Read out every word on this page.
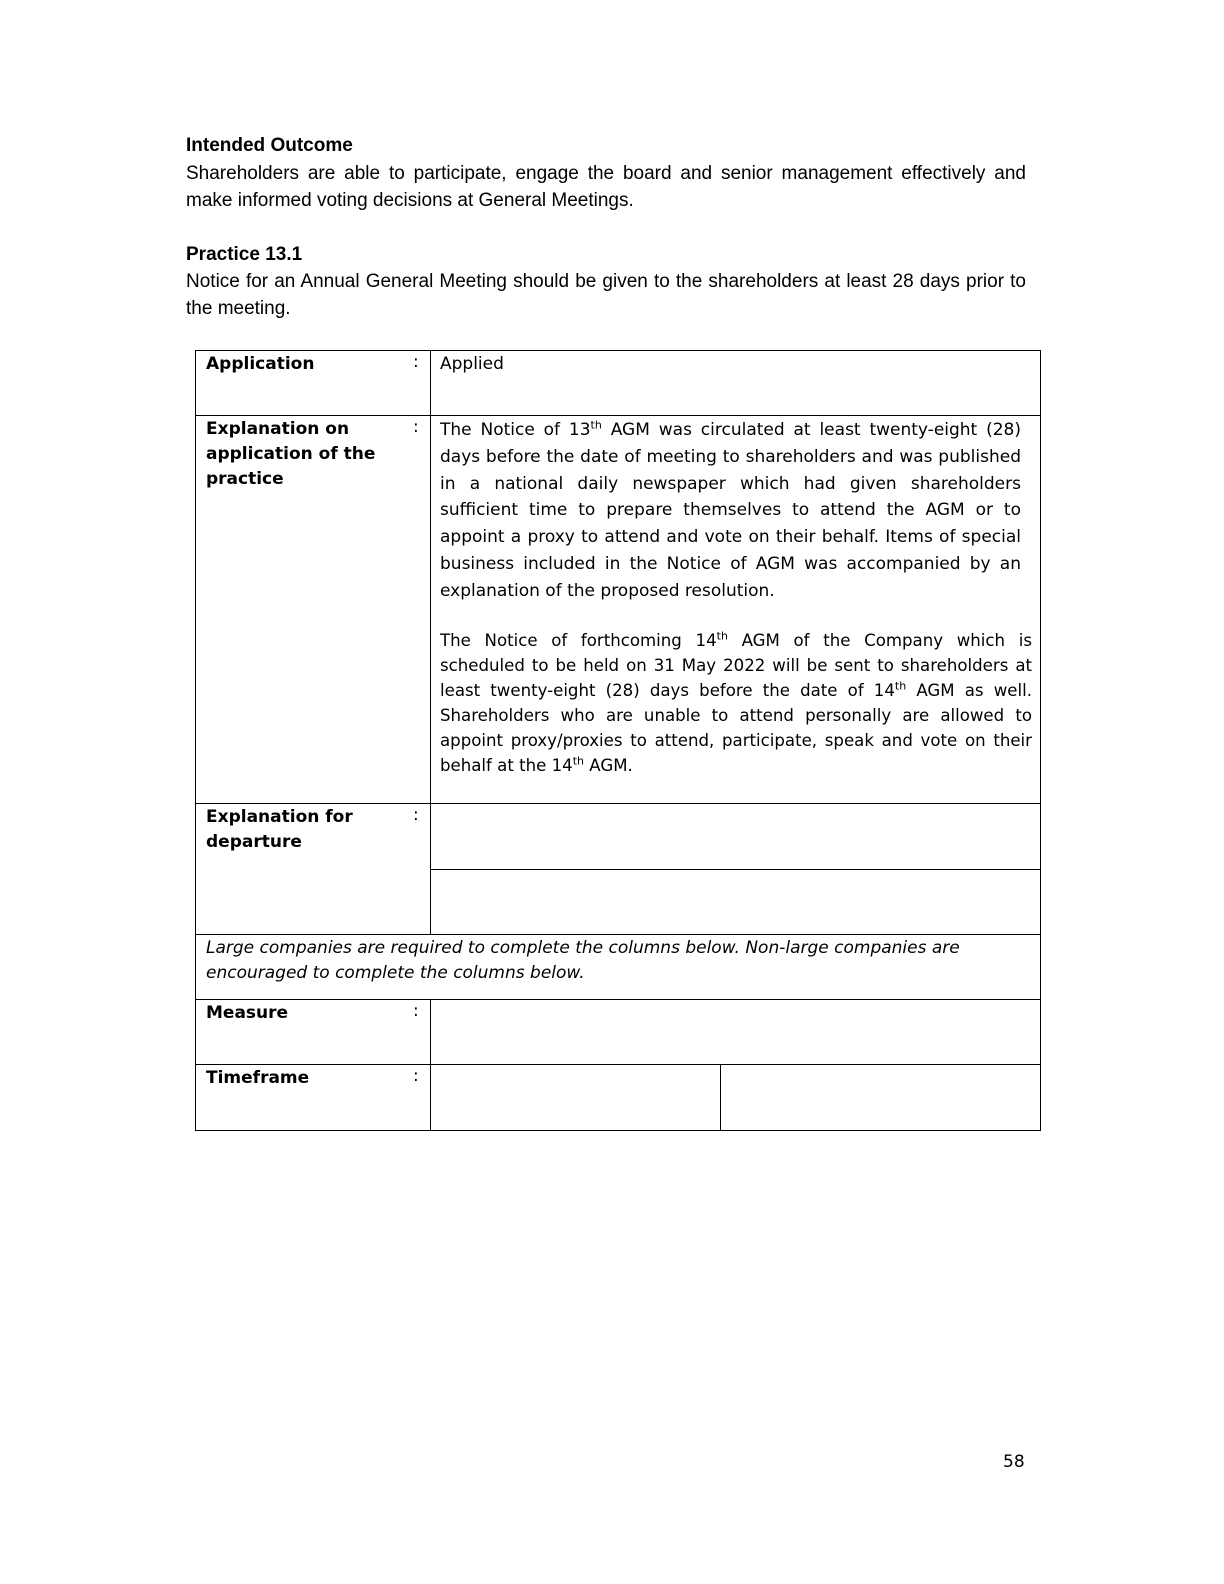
Intended Outcome

Shareholders are able to participate, engage the board and senior management effectively and make informed voting decisions at General Meetings.

Practice 13.1

Notice for an Annual General Meeting should be given to the shareholders at least 28 days prior to the meeting.

Application	: Applied
Explanation on application of the practice
: The Notice of 13th AGM was circulated at least twenty-eight (28) days before the date of meeting to shareholders and was published in a national daily newspaper which had given shareholders sufficient time to prepare themselves to attend the AGM or to appoint a proxy to attend and vote on their behalf. Items of special business included in the Notice of AGM was accompanied by an explanation of the proposed resolution.

The Notice of forthcoming 14th AGM of the Company which is scheduled to be held on 31 May 2022 will be sent to shareholders at least twenty-eight (28) days before the date of 14th AGM as well. Shareholders who are unable to attend personally are allowed to appoint proxy/proxies to attend, participate, speak and vote on their behalf at the 14th AGM.

Explanation for departure
:
Large companies are required to complete the columns below. Non-large companies are encouraged to complete the columns below.
Measure	:
Timeframe	:
58
